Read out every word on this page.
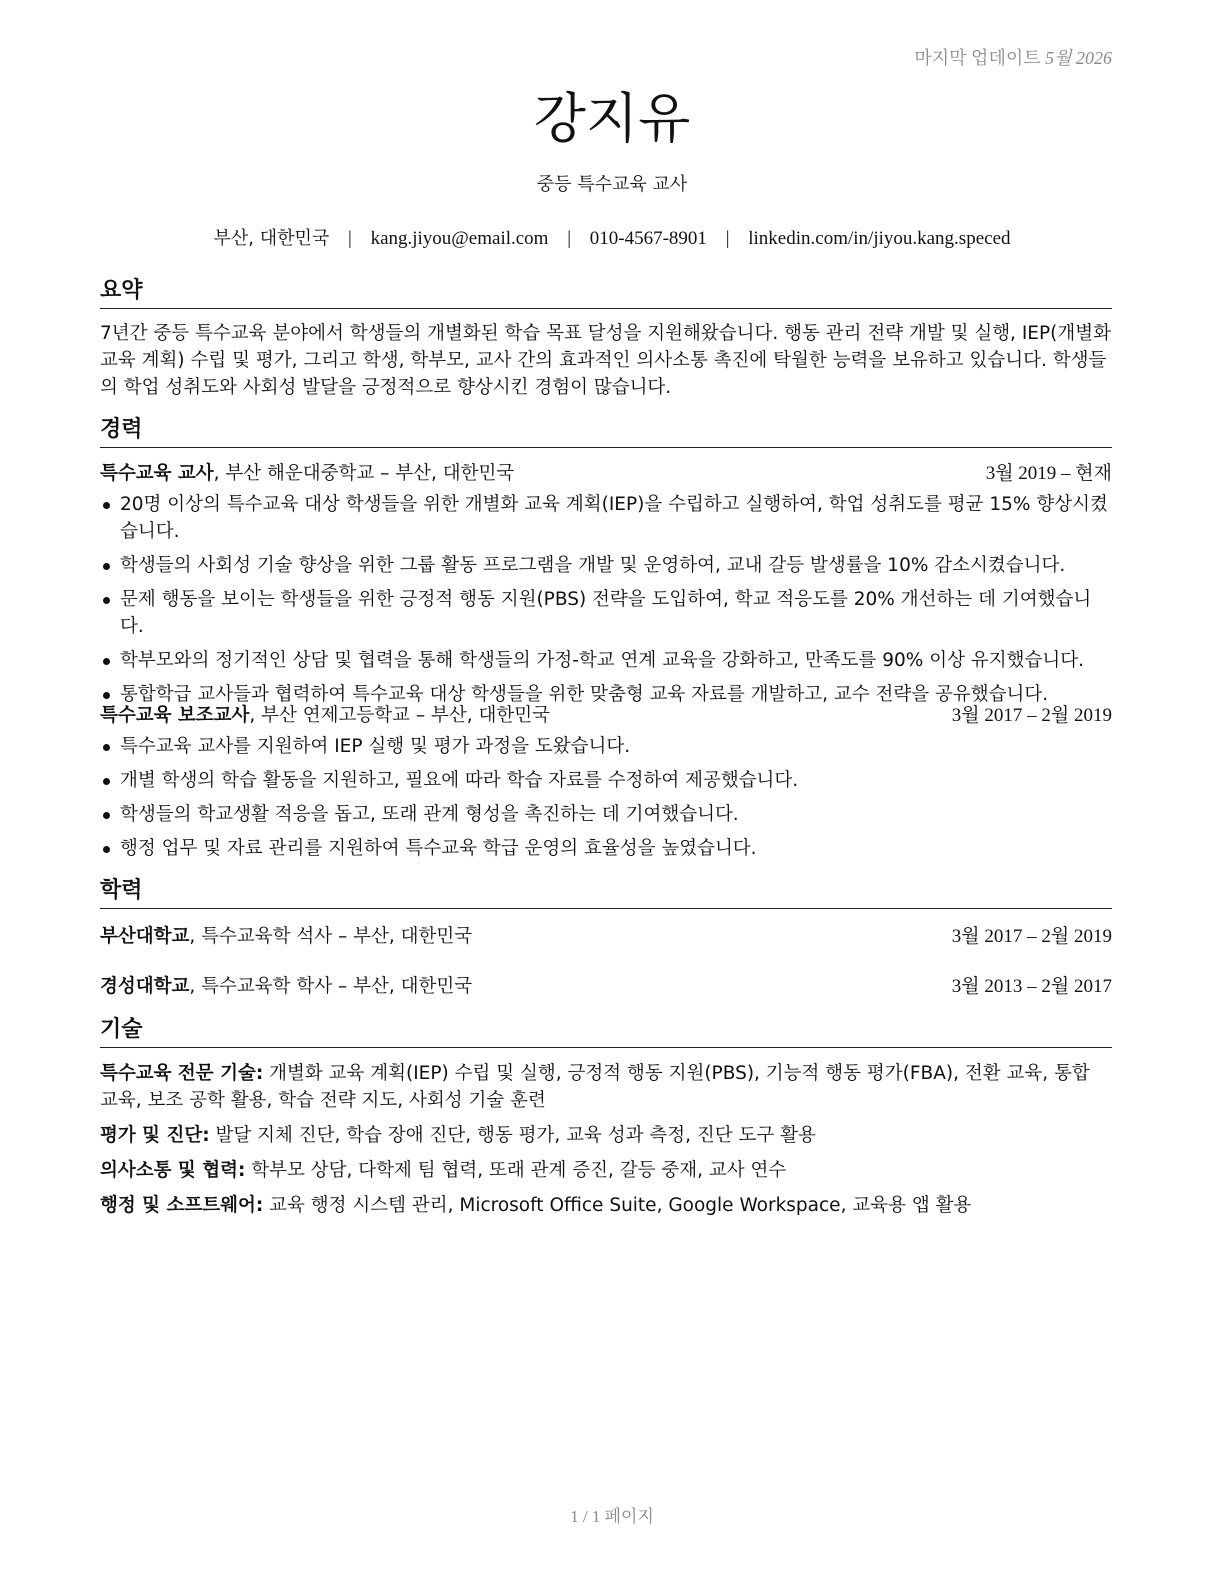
마지막 업데이트 5월 2026
강지유
중등 특수교육 교사
부산, 대한민국 | kang.jiyou@email.com | 010-4567-8901 | linkedin.com/in/jiyou.kang.speced
요약
7년간 중등 특수교육 분야에서 학생들의 개별화된 학습 목표 달성을 지원해왔습니다. 행동 관리 전략 개발 및 실행, IEP(개별화 교육 계획) 수립 및 평가, 그리고 학생, 학부모, 교사 간의 효과적인 의사소통 촉진에 탁월한 능력을 보유하고 있습니다. 학생들의 학업 성취도와 사회성 발달을 긍정적으로 향상시킨 경험이 많습니다.
경력
특수교육 교사, 부산 해운대중학교 – 부산, 대한민국	3월 2019 – 현재
20명 이상의 특수교육 대상 학생들을 위한 개별화 교육 계획(IEP)을 수립하고 실행하여, 학업 성취도를 평균 15% 향상시켰습니다.
학생들의 사회성 기술 향상을 위한 그룹 활동 프로그램을 개발 및 운영하여, 교내 갈등 발생률을 10% 감소시켰습니다.
문제 행동을 보이는 학생들을 위한 긍정적 행동 지원(PBS) 전략을 도입하여, 학교 적응도를 20% 개선하는 데 기여했습니다.
학부모와의 정기적인 상담 및 협력을 통해 학생들의 가정-학교 연계 교육을 강화하고, 만족도를 90% 이상 유지했습니다.
통합학급 교사들과 협력하여 특수교육 대상 학생들을 위한 맞춤형 교육 자료를 개발하고, 교수 전략을 공유했습니다.
특수교육 보조교사, 부산 연제고등학교 – 부산, 대한민국	3월 2017 – 2월 2019
특수교육 교사를 지원하여 IEP 실행 및 평가 과정을 도왔습니다.
개별 학생의 학습 활동을 지원하고, 필요에 따라 학습 자료를 수정하여 제공했습니다.
학생들의 학교생활 적응을 돕고, 또래 관계 형성을 촉진하는 데 기여했습니다.
행정 업무 및 자료 관리를 지원하여 특수교육 학급 운영의 효율성을 높였습니다.
학력
부산대학교, 특수교육학 석사 – 부산, 대한민국	3월 2017 – 2월 2019
경성대학교, 특수교육학 학사 – 부산, 대한민국	3월 2013 – 2월 2017
기술
특수교육 전문 기술: 개별화 교육 계획(IEP) 수립 및 실행, 긍정적 행동 지원(PBS), 기능적 행동 평가(FBA), 전환 교육, 통합 교육, 보조 공학 활용, 학습 전략 지도, 사회성 기술 훈련
평가 및 진단: 발달 지체 진단, 학습 장애 진단, 행동 평가, 교육 성과 측정, 진단 도구 활용
의사소통 및 협력: 학부모 상담, 다학제 팀 협력, 또래 관계 증진, 갈등 중재, 교사 연수
행정 및 소프트웨어: 교육 행정 시스템 관리, Microsoft Office Suite, Google Workspace, 교육용 앱 활용
1 / 1 페이지
